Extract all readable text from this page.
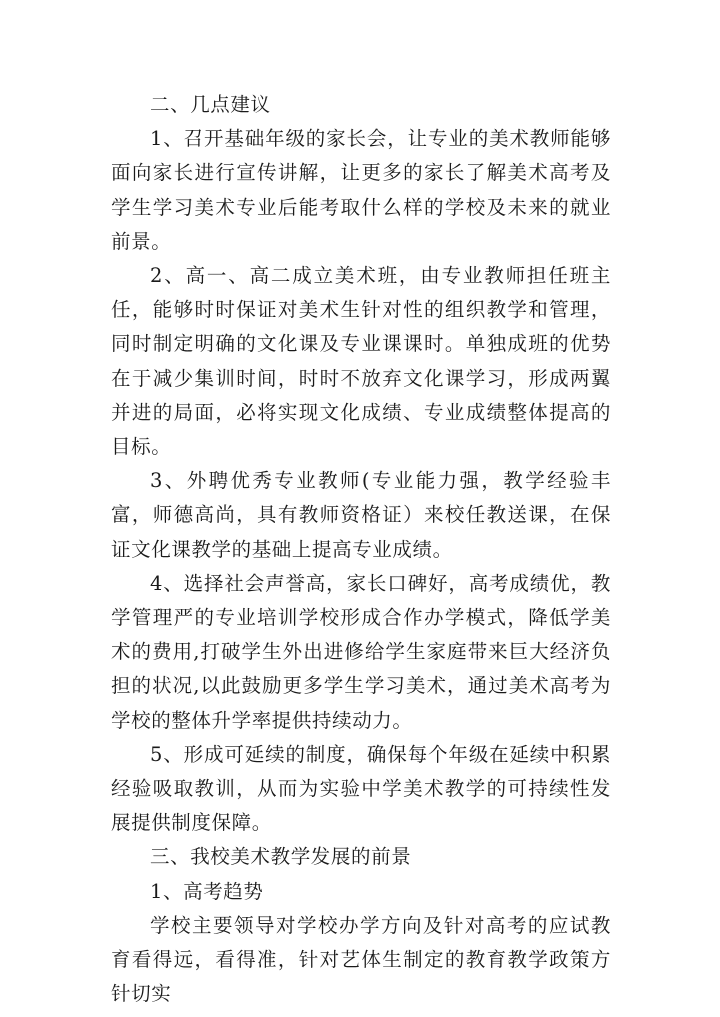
二、几点建议

1、召开基础年级的家长会，让专业的美术教师能够面向家长进行宣传讲解，让更多的家长了解美术高考及学生学习美术专业后能考取什么样的学校及未来的就业前景。

2、高一、高二成立美术班，由专业教师担任班主任，能够时时保证对美术生针对性的组织教学和管理，同时制定明确的文化课及专业课课时。单独成班的优势在于减少集训时间，时时不放弃文化课学习，形成两翼并进的局面，必将实现文化成绩、专业成绩整体提高的目标。

3、外聘优秀专业教师(专业能力强，教学经验丰富，师德高尚，具有教师资格证）来校任教送课，在保证文化课教学的基础上提高专业成绩。

4、选择社会声誉高，家长口碑好，高考成绩优，教学管理严的专业培训学校形成合作办学模式，降低学美术的费用,打破学生外出进修给学生家庭带来巨大经济负担的状况,以此鼓励更多学生学习美术，通过美术高考为学校的整体升学率提供持续动力。

5、形成可延续的制度，确保每个年级在延续中积累经验吸取教训，从而为实验中学美术教学的可持续性发展提供制度保障。

三、我校美术教学发展的前景

1、高考趋势

学校主要领导对学校办学方向及针对高考的应试教育看得远，看得准，针对艺体生制定的教育教学政策方针切实
